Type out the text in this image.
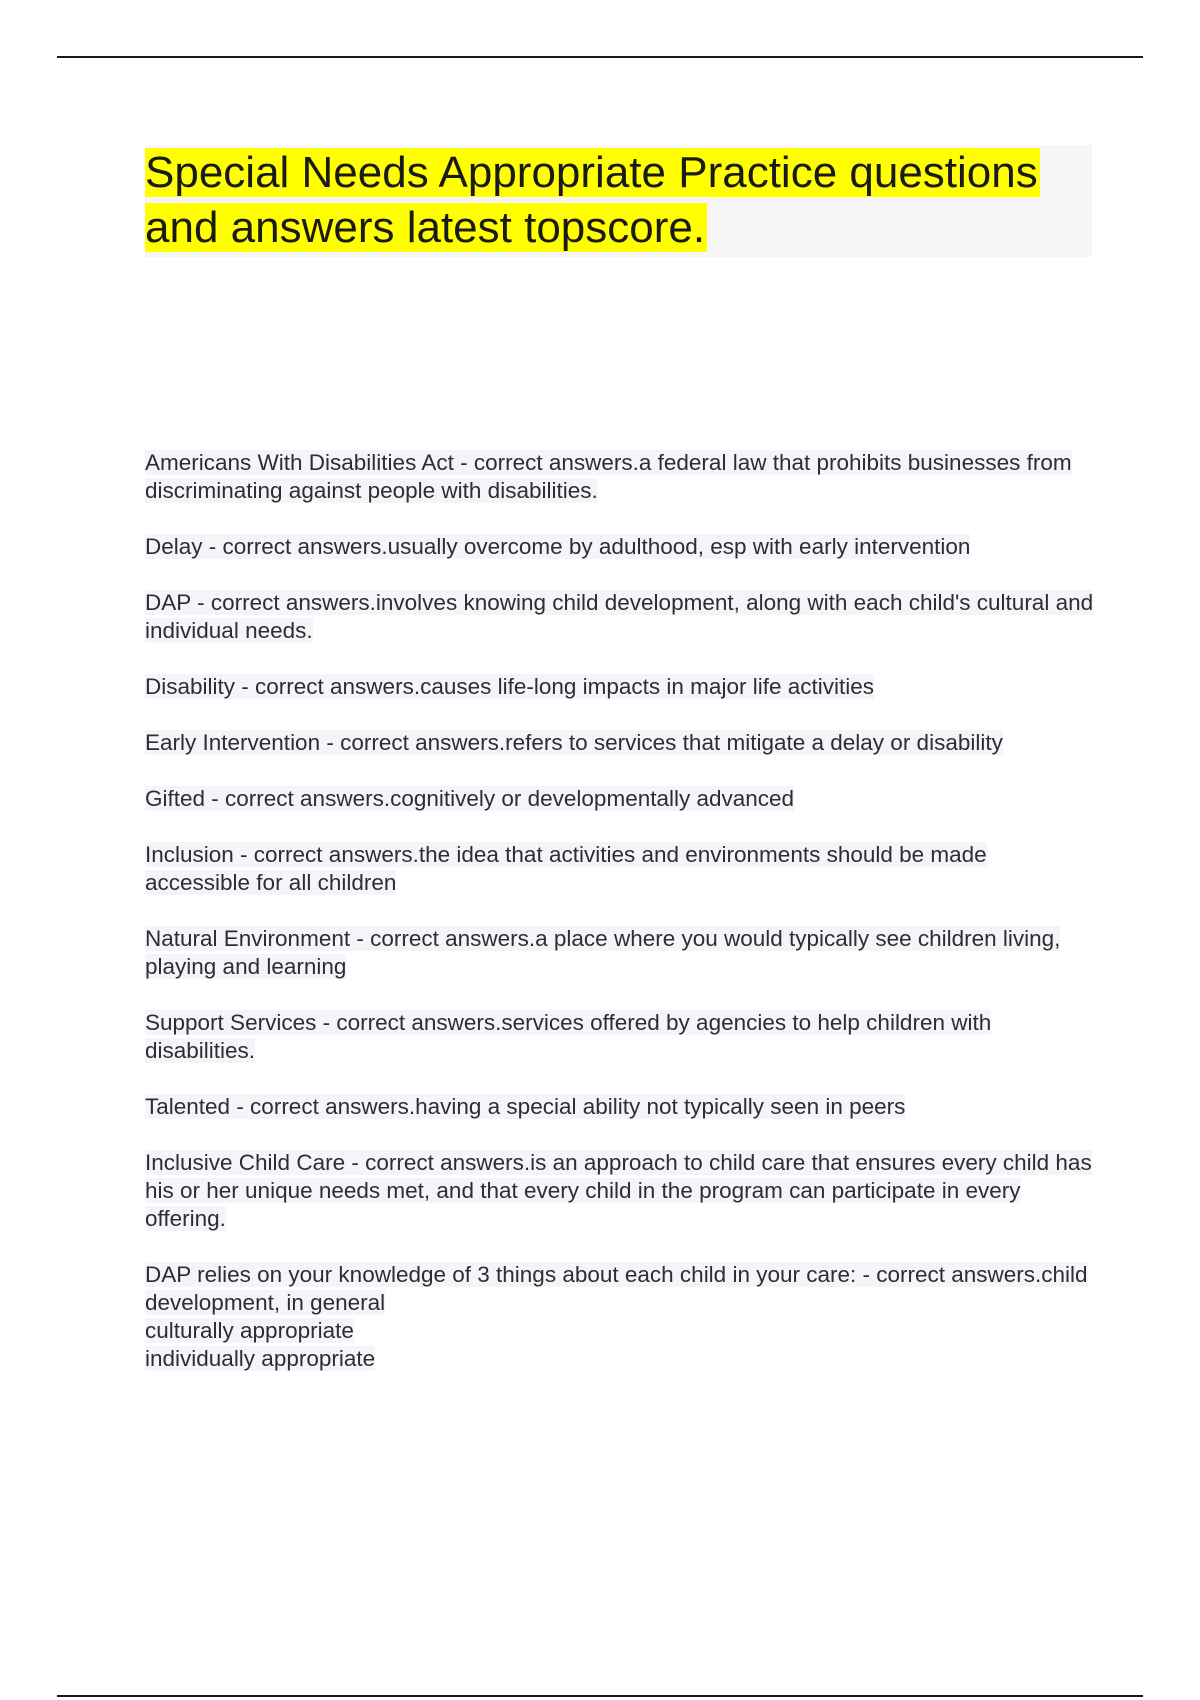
Special Needs Appropriate Practice questions and answers latest topscore.
Americans With Disabilities Act - correct answers.a federal law that prohibits businesses from discriminating against people with disabilities.
Delay - correct answers.usually overcome by adulthood, esp with early intervention
DAP - correct answers.involves knowing child development, along with each child's cultural and individual needs.
Disability - correct answers.causes life-long impacts in major life activities
Early Intervention - correct answers.refers to services that mitigate a delay or disability
Gifted - correct answers.cognitively or developmentally advanced
Inclusion - correct answers.the idea that activities and environments should be made accessible for all children
Natural Environment - correct answers.a place where you would typically see children living, playing and learning
Support Services - correct answers.services offered by agencies to help children with disabilities.
Talented - correct answers.having a special ability not typically seen in peers
Inclusive Child Care - correct answers.is an approach to child care that ensures every child has his or her unique needs met, and that every child in the program can participate in every offering.
DAP relies on your knowledge of 3 things about each child in your care: - correct answers.child development, in general
culturally appropriate
individually appropriate
